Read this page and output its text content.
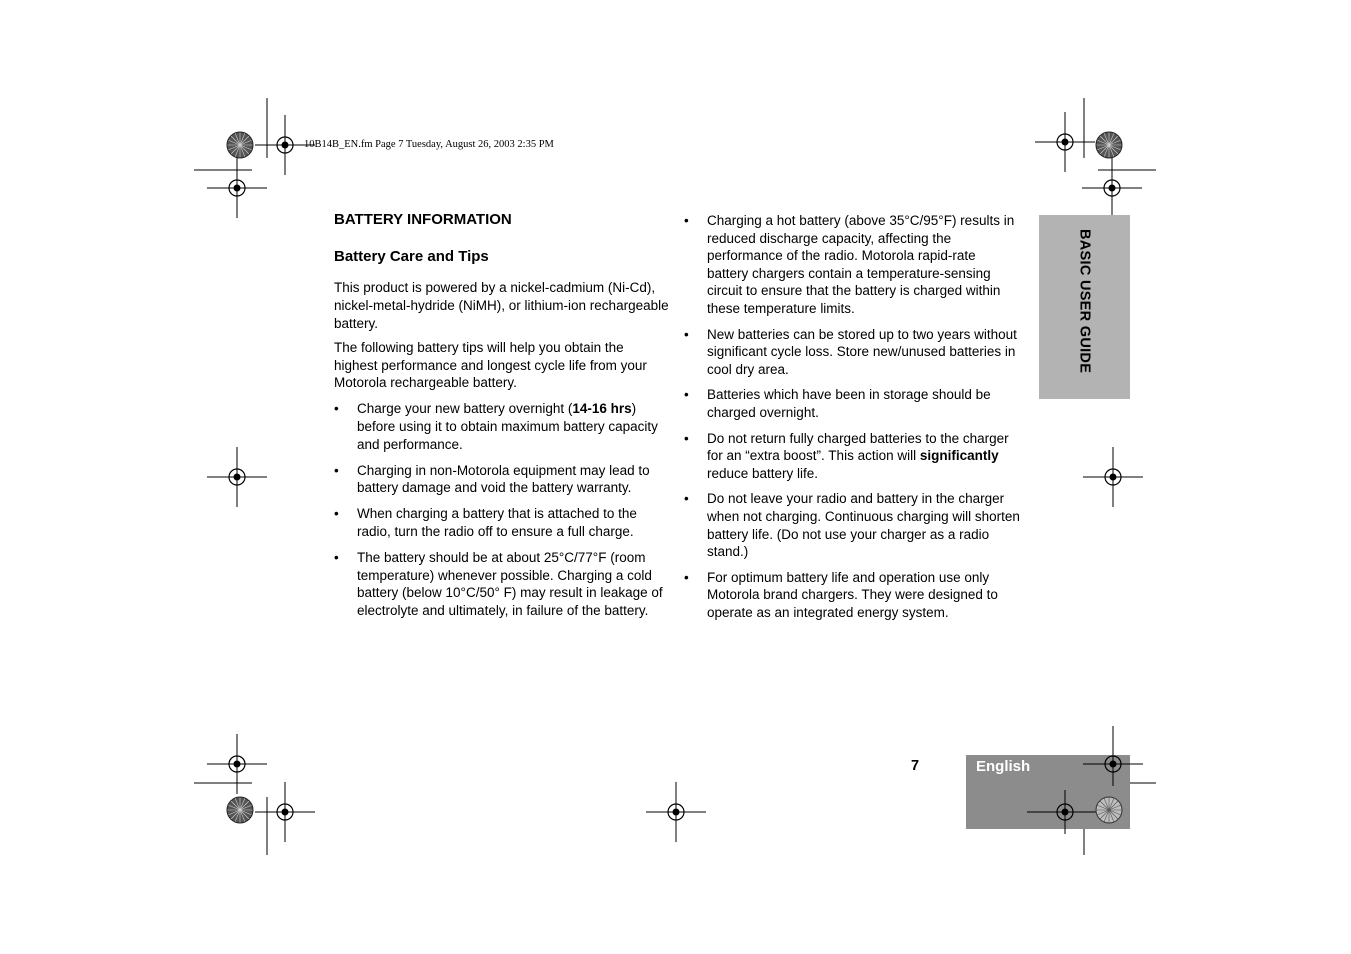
10B14B_EN.fm Page 7 Tuesday, August 26, 2003 2:35 PM
BASIC USER GUIDE
BATTERY INFORMATION
Battery Care and Tips

This product is powered by a nickel-cadmium (Ni-Cd), nickel-metal-hydride (NiMH), or lithium-ion rechargeable battery.

The following battery tips will help you obtain the highest performance and longest cycle life from your Motorola rechargeable battery.

• Charge your new battery overnight (14-16 hrs) before using it to obtain maximum battery capacity and performance.
• Charging in non-Motorola equipment may lead to battery damage and void the battery warranty.
• When charging a battery that is attached to the radio, turn the radio off to ensure a full charge.
• The battery should be at about 25°C/77°F (room temperature) whenever possible. Charging a cold battery (below 10°C/50° F) may result in leakage of electrolyte and ultimately, in failure of the battery.
• Charging a hot battery (above 35°C/95°F) results in reduced discharge capacity, affecting the performance of the radio. Motorola rapid-rate battery chargers contain a temperature-sensing circuit to ensure that the battery is charged within these temperature limits.
• New batteries can be stored up to two years without significant cycle loss. Store new/unused batteries in cool dry area.
• Batteries which have been in storage should be charged overnight.
• Do not return fully charged batteries to the charger for an “extra boost”. This action will significantly reduce battery life.
• Do not leave your radio and battery in the charger when not charging. Continuous charging will shorten battery life. (Do not use your charger as a radio stand.)
• For optimum battery life and operation use only Motorola brand chargers. They were designed to operate as an integrated energy system.
7	English
